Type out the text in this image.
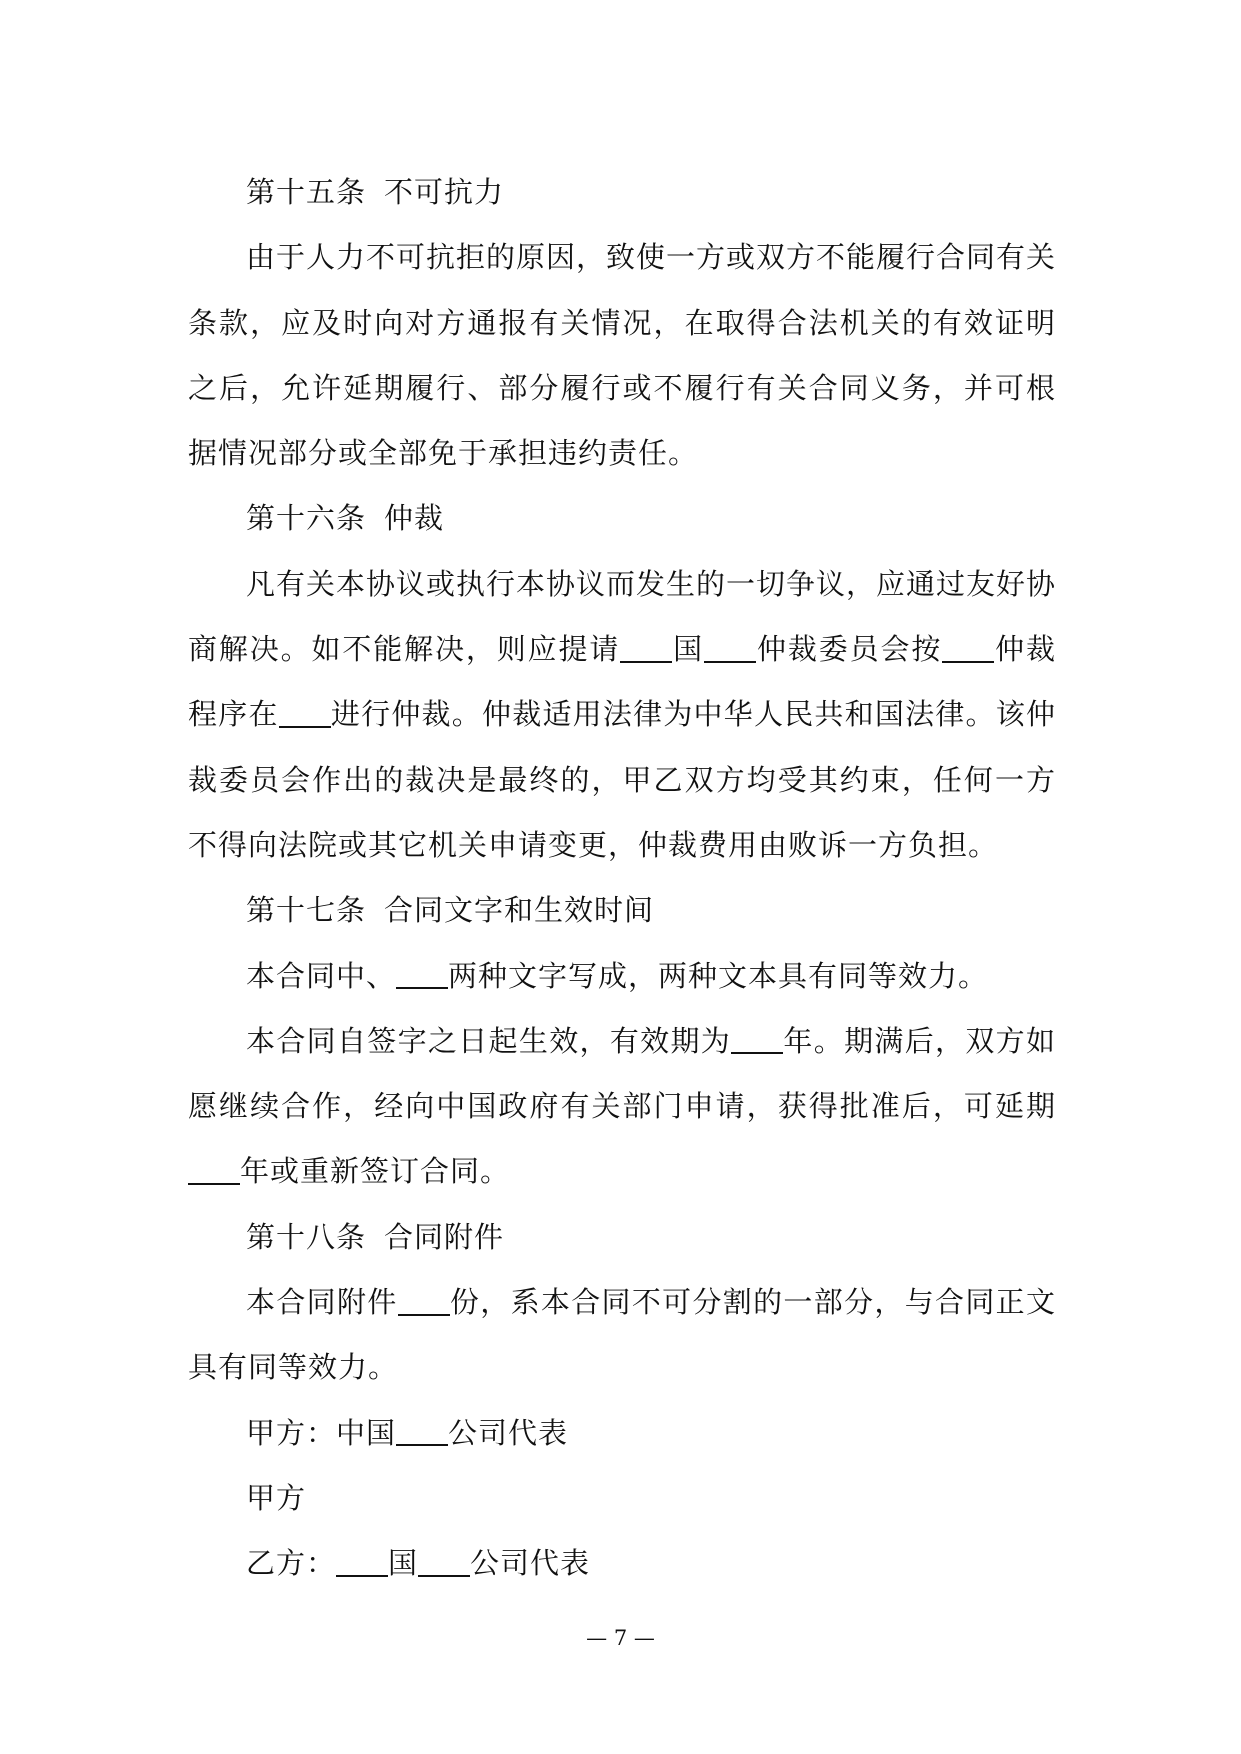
第十五条 不可抗力

由于人力不可抗拒的原因，致使一方或双方不能履行合同有关条款，应及时向对方通报有关情况，在取得合法机关的有效证明之后，允许延期履行、部分履行或不履行有关合同义务，并可根据情况部分或全部免于承担违约责任。

第十六条 仲裁

凡有关本协议或执行本协议而发生的一切争议，应通过友好协商解决。如不能解决，则应提请 国 仲裁委员会按 仲裁程序在 进行仲裁。仲裁适用法律为中华人民共和国法律。该仲裁委员会作出的裁决是最终的，甲乙双方均受其约束，任何一方不得向法院或其它机关申请变更，仲裁费用由败诉一方负担。

第十七条 合同文字和生效时间

本合同中、 两种文字写成，两种文本具有同等效力。

本合同自签字之日起生效，有效期为 年。期满后，双方如愿继续合作，经向中国政府有关部门申请，获得批准后，可延期年或重新签订合同。

第十八条 合同附件

本合同附件 份，系本合同不可分割的一部分，与合同正文具有同等效力。

甲方：中国 公司代表

甲方

乙方： 国 公司代表

— 7 —
